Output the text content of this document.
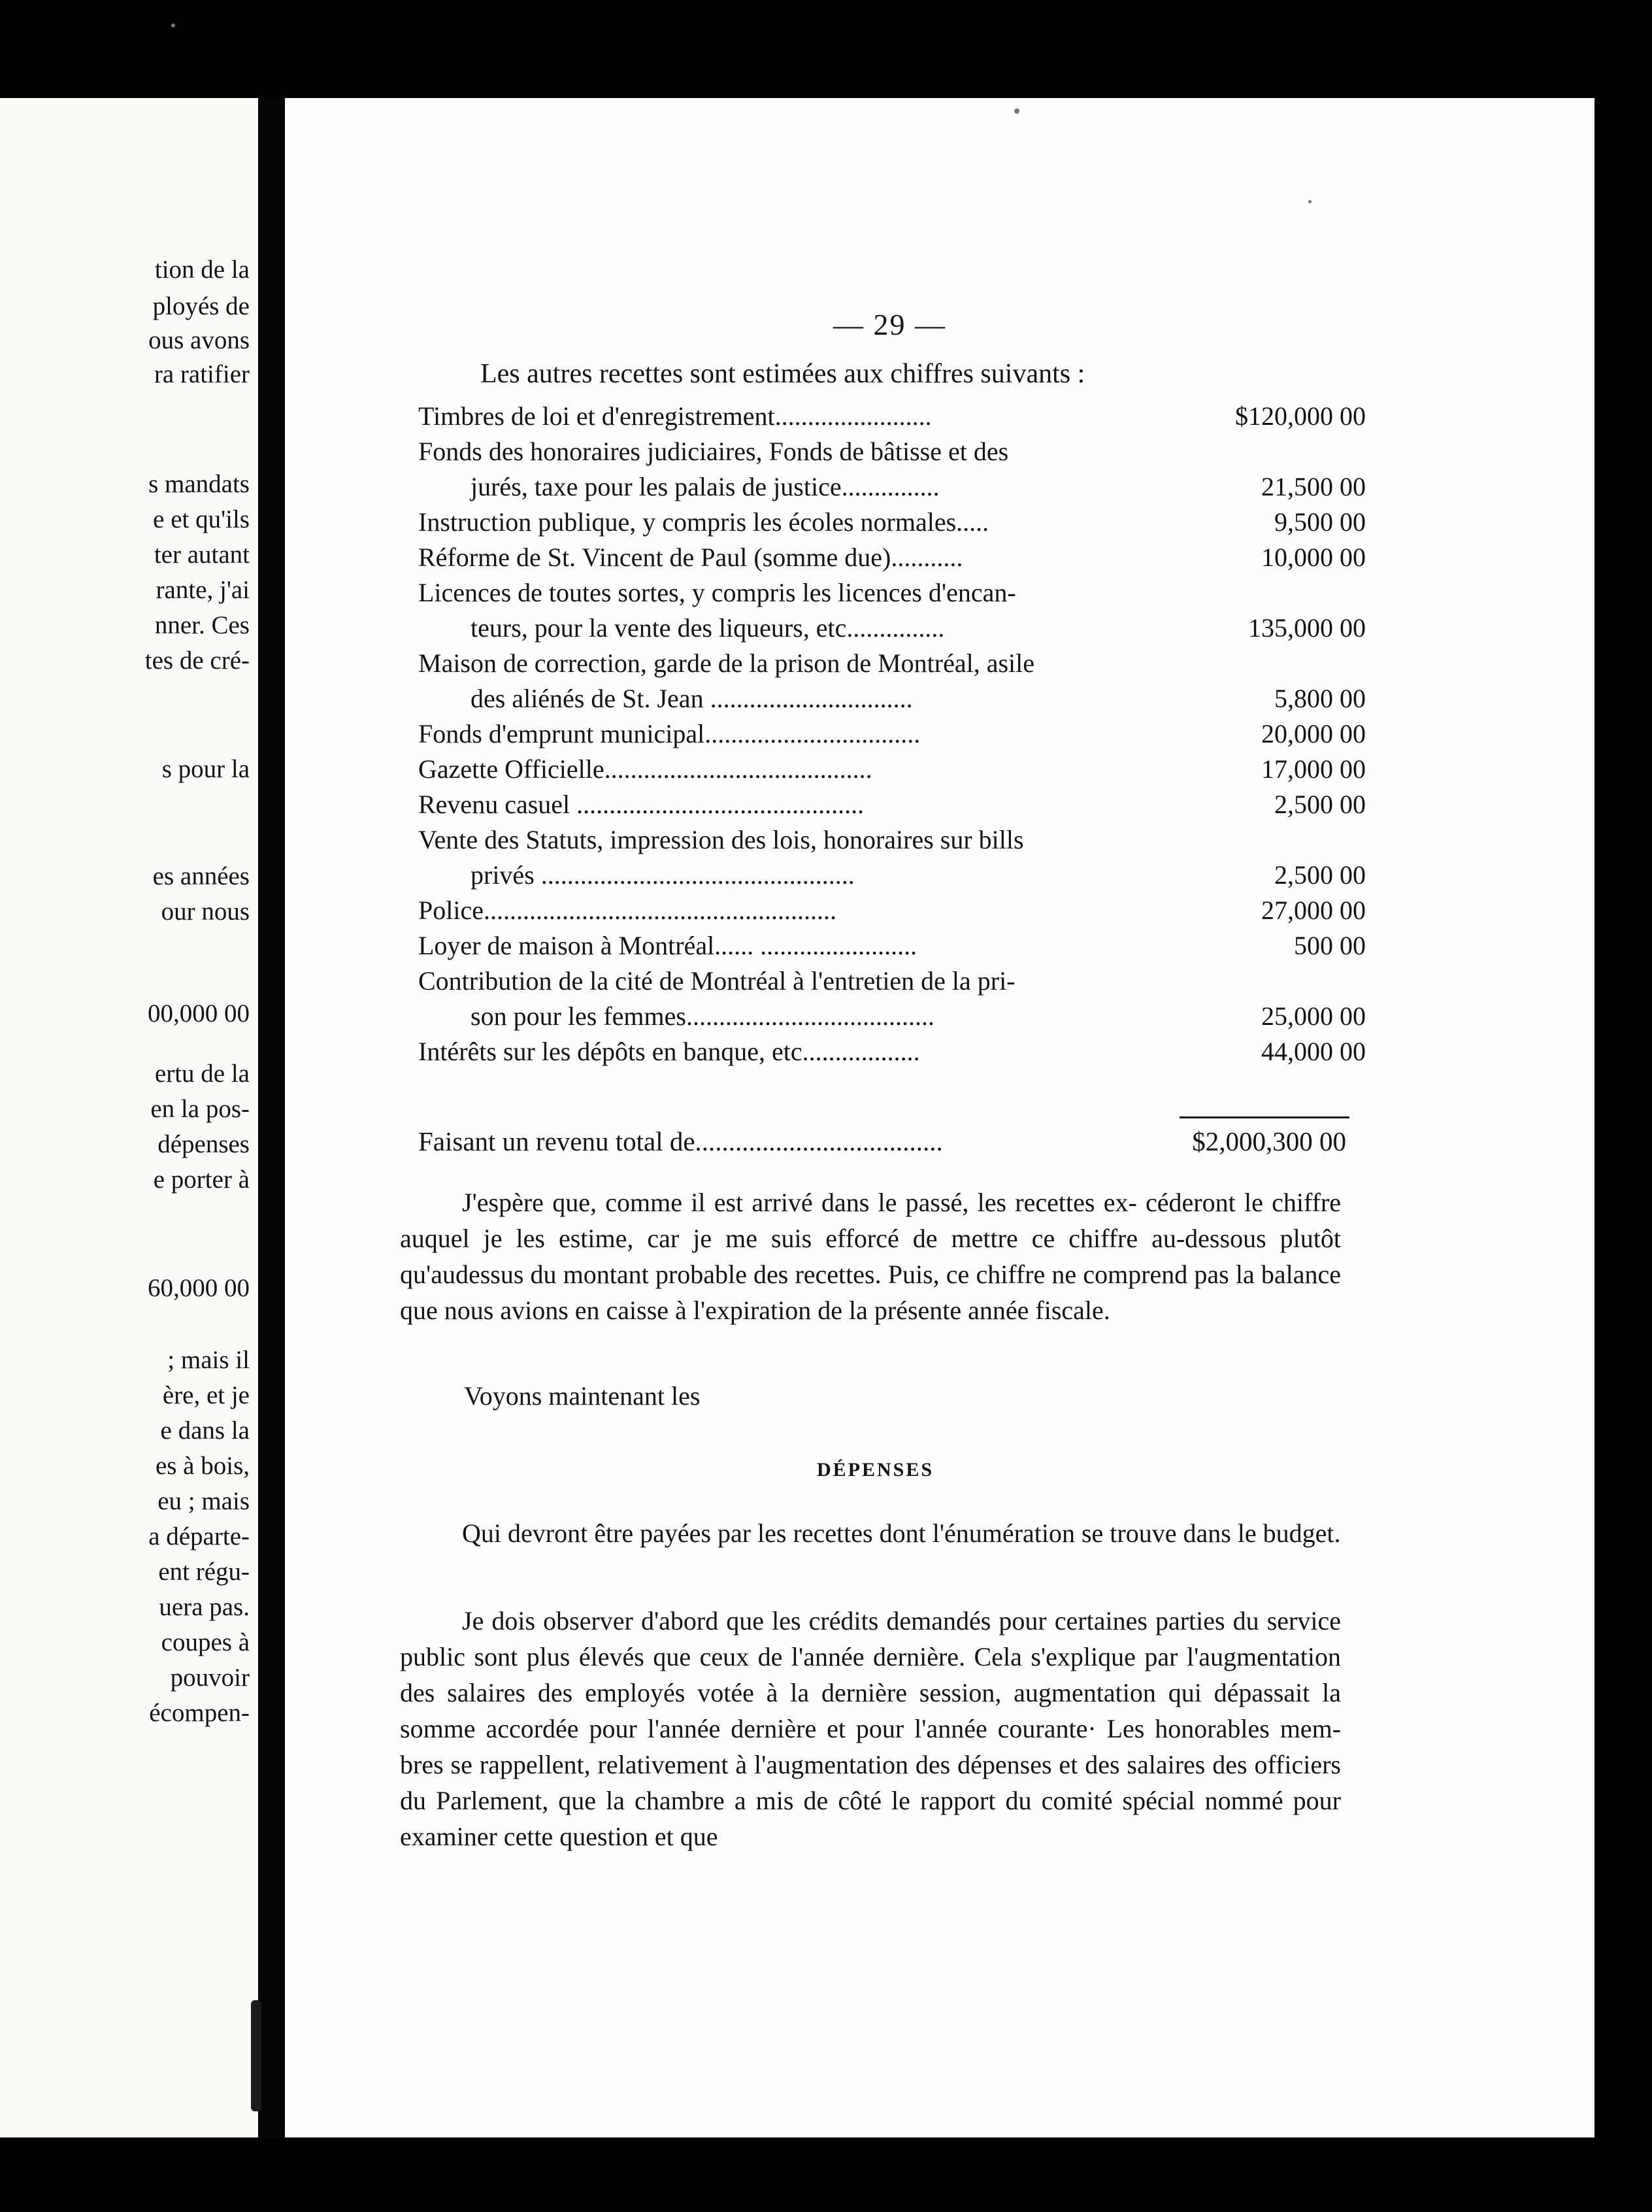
tion de la
ployés de
ous avons
ra ratifier
s mandats
e et qu'ils
ter autant
rante, j'ai
nner. Ces
tes de cré-
s pour la
es années
our nous
00,000 00
ertu de la
en la pos-
dépenses
e porter à
60,000 00
; mais il
ère, et je
e dans la
es à bois,
eu ; mais
a départe-
ent régu-
uera pas.
coupes à
pouvoir
écompen-
— 29 —
Les autres recettes sont estimées aux chiffres suivants :
Timbres de loi et d'enregistrement........................	$120,000 00
Fonds des honoraires judiciaires, Fonds de bâtisse et des
jurés, taxe pour les palais de justice...............	21,500 00
Instruction publique, y compris les écoles normales.....	9,500 00
Réforme de St. Vincent de Paul (somme due)...........	10,000 00
Licences de toutes sortes, y compris les licences d'encan-
teurs, pour la vente des liqueurs, etc...............	135,000 00
Maison de correction, garde de la prison de Montréal, asile
des aliénés de St. Jean ...............................	5,800 00
Fonds d'emprunt municipal.................................	20,000 00
Gazette Officielle.........................................	17,000 00
Revenu casuel ............................................	2,500 00
Vente des Statuts, impression des lois, honoraires sur bills
privés ................................................	2,500 00
Police......................................................	27,000 00
Loyer de maison à Montréal...... ........................	500 00
Contribution de la cité de Montréal à l'entretien de la pri-
son pour les femmes......................................	25,000 00
Intérêts sur les dépôts en banque, etc..................	44,000 00
Faisant un revenu total de.....................................	$2,000,300 00

J'espère que, comme il est arrivé dans le passé, les recettes ex- céderont le chiffre auquel je les estime, car je me suis efforcé de mettre ce chiffre au-dessous plutôt qu'audessus du montant probable des recettes. Puis, ce chiffre ne comprend pas la balance que nous avions en caisse à l'expiration de la présente année fiscale.

Voyons maintenant les
DÉPENSES

Qui devront être payées par les recettes dont l'énumération se trouve dans le budget.

Je dois observer d'abord que les crédits demandés pour certaines parties du service public sont plus élevés que ceux de l'année dernière. Cela s'explique par l'augmentation des salaires des employés votée à la dernière session, augmentation qui dépassait la somme accordée pour l'année dernière et pour l'année courante· Les honorables mem- bres se rappellent, relativement à l'augmentation des dépenses et des salaires des officiers du Parlement, que la chambre a mis de côté le rapport du comité spécial nommé pour examiner cette question et que
